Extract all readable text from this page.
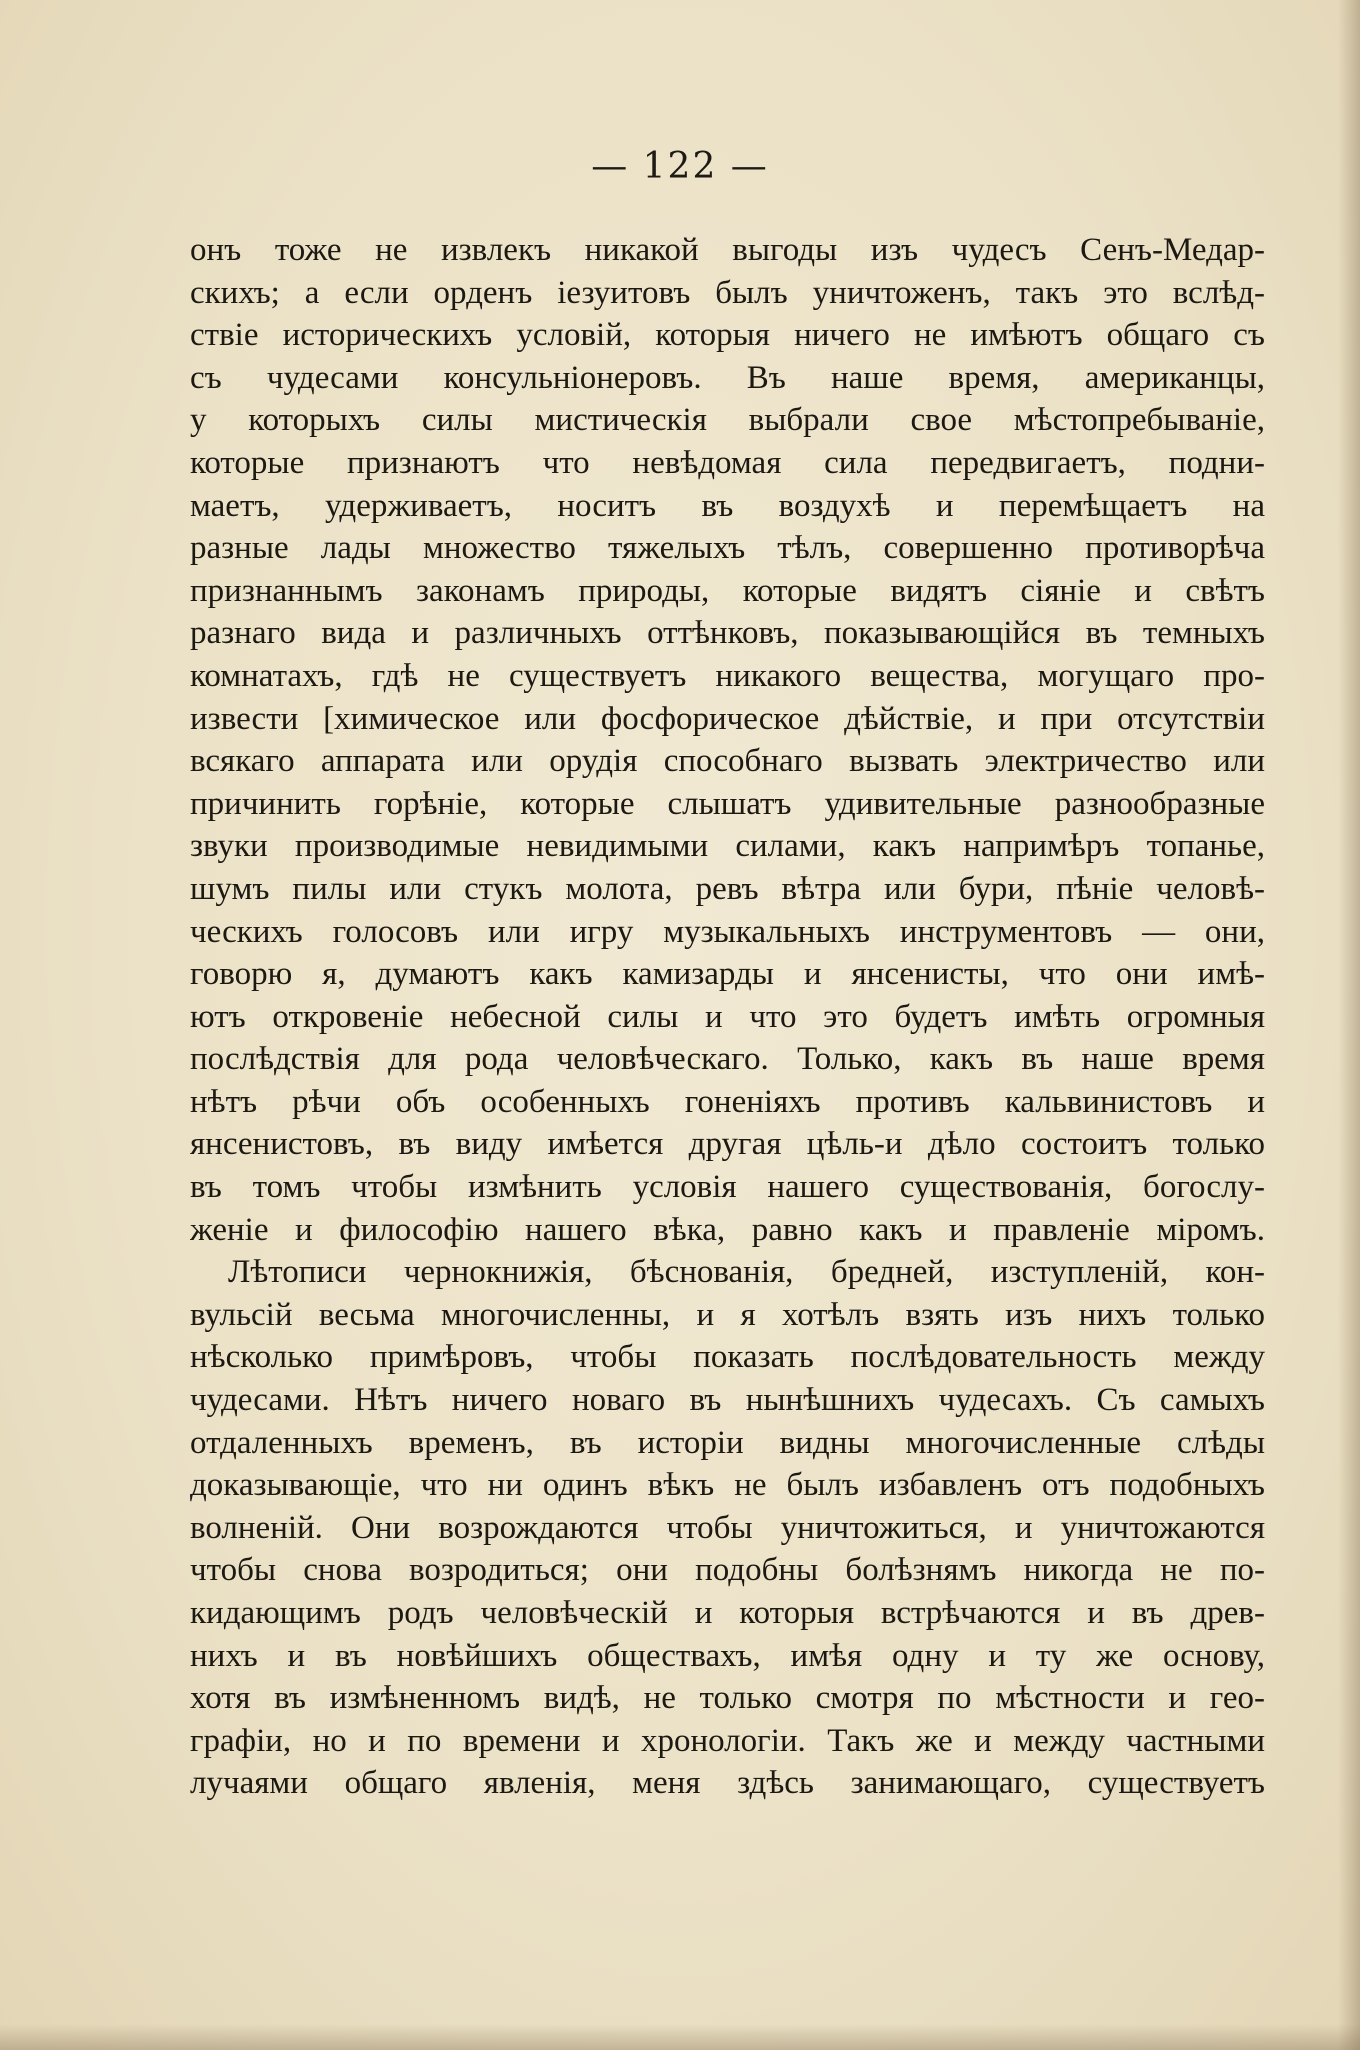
— 122 —
онъ тоже не извлекъ никакой выгоды изъ чудесъ Сенъ-Медар-
скихъ; а если орденъ іезуитовъ былъ уничтоженъ, такъ это вслѣд-
ствіе историческихъ условій, которыя ничего не имѣютъ общаго съ
съ чудесами консульніонеровъ. Въ наше время, американцы,
у которыхъ силы мистическія выбрали свое мѣстопребываніе,
которые признаютъ что невѣдомая сила передвигаетъ, подни-
маетъ, удерживаетъ, носитъ въ воздухѣ и перемѣщаетъ на
разные лады множество тяжелыхъ тѣлъ, совершенно противорѣча
признаннымъ законамъ природы, которые видятъ сіяніе и свѣтъ
разнаго вида и различныхъ оттѣнковъ, показывающійся въ темныхъ
комнатахъ, гдѣ не существуетъ никакого вещества, могущаго про-
извести [химическое или фосфорическое дѣйствіе, и при отсутствіи
всякаго аппарата или орудія способнаго вызвать электричество или
причинить горѣніе, которые слышатъ удивительные разнообразные
звуки производимые невидимыми силами, какъ напримѣръ топанье,
шумъ пилы или стукъ молота, ревъ вѣтра или бури, пѣніе человѣ-
ческихъ голосовъ или игру музыкальныхъ инструментовъ — они,
говорю я, думаютъ какъ камизарды и янсенисты, что они имѣ-
ютъ откровеніе небесной силы и что это будетъ имѣть огромныя
послѣдствія для рода человѣческаго. Только, какъ въ наше время
нѣтъ рѣчи объ особенныхъ гоненіяхъ противъ кальвинистовъ и
янсенистовъ, въ виду имѣется другая цѣль-и дѣло состоитъ только
въ томъ чтобы измѣнить условія нашего существованія, богослу-
женіе и философію нашего вѣка, равно какъ и правленіе міромъ.
Лѣтописи чернокнижія, бѣснованія, бредней, изступленій, кон-
вульсій весьма многочисленны, и я хотѣлъ взять изъ нихъ только
нѣсколько примѣровъ, чтобы показать послѣдовательность между
чудесами. Нѣтъ ничего новаго въ нынѣшнихъ чудесахъ. Съ самыхъ
отдаленныхъ временъ, въ исторіи видны многочисленные слѣды
доказывающіе, что ни одинъ вѣкъ не былъ избавленъ отъ подобныхъ
волненій. Они возрождаются чтобы уничтожиться, и уничтожаются
чтобы снова возродиться; они подобны болѣзнямъ никогда не по-
кидающимъ родъ человѣческій и которыя встрѣчаются и въ древ-
нихъ и въ новѣйшихъ обществахъ, имѣя одну и ту же основу,
хотя въ измѣненномъ видѣ, не только смотря по мѣстности и гео-
графіи, но и по времени и хронологіи. Такъ же и между частными
лучаями общаго явленія, меня здѣсь занимающаго, существуетъ
